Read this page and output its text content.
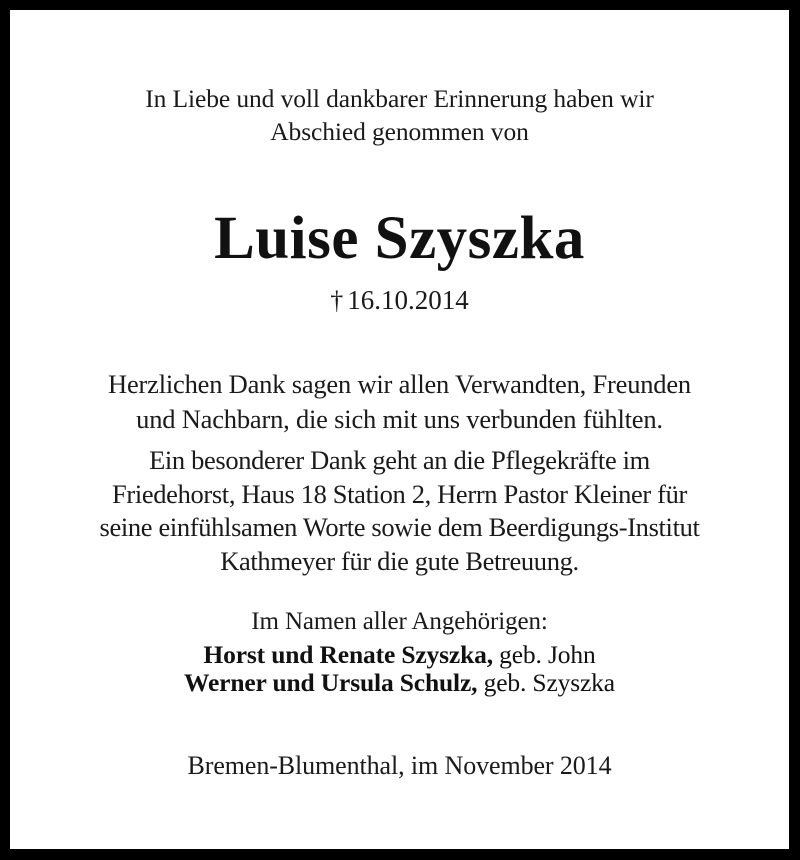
In Liebe und voll dankbarer Erinnerung haben wir
Abschied genommen von
Luise Szyszka
† 16.10.2014
Herzlichen Dank sagen wir allen Verwandten, Freunden
und Nachbarn, die sich mit uns verbunden fühlten.
Ein besonderer Dank geht an die Pflegekräfte im
Friedehorst, Haus 18 Station 2, Herrn Pastor Kleiner für
seine einfühlsamen Worte sowie dem Beerdigungs-Institut
Kathmeyer für die gute Betreuung.
Im Namen aller Angehörigen:
Horst und Renate Szyszka, geb. John
Werner und Ursula Schulz, geb. Szyszka
Bremen-Blumenthal, im November 2014
